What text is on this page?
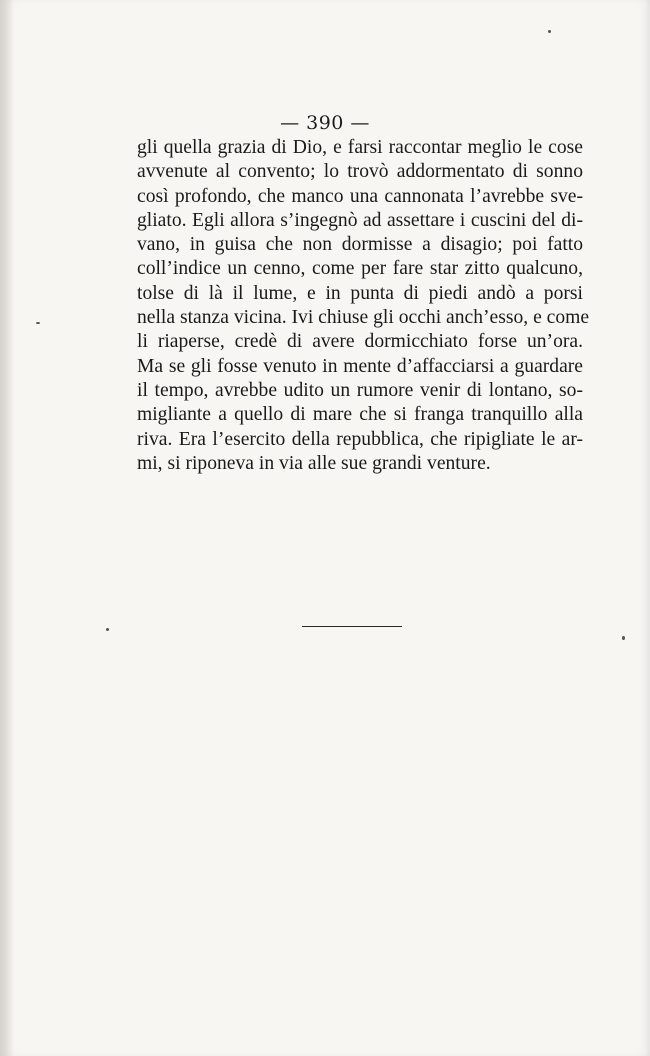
— 390 —
gli quella grazia di Dio, e farsi raccontar meglio le cose
avvenute al convento; lo trovò addormentato di sonno
così profondo, che manco una cannonata l’avrebbe sve-
gliato. Egli allora s’ingegnò ad assettare i cuscini del di-
vano, in guisa che non dormisse a disagio; poi fatto
coll’indice un cenno, come per fare star zitto qualcuno,
tolse di là il lume, e in punta di piedi andò a porsi
nella stanza vicina. Ivi chiuse gli occhi anch’esso, e come
li riaperse, credè di avere dormicchiato forse un’ora.
Ma se gli fosse venuto in mente d’affacciarsi a guardare
il tempo, avrebbe udito un rumore venir di lontano, so-
migliante a quello di mare che si franga tranquillo alla
riva. Era l’esercito della repubblica, che ripigliate le ar-
mi, si riponeva in via alle sue grandi venture.
